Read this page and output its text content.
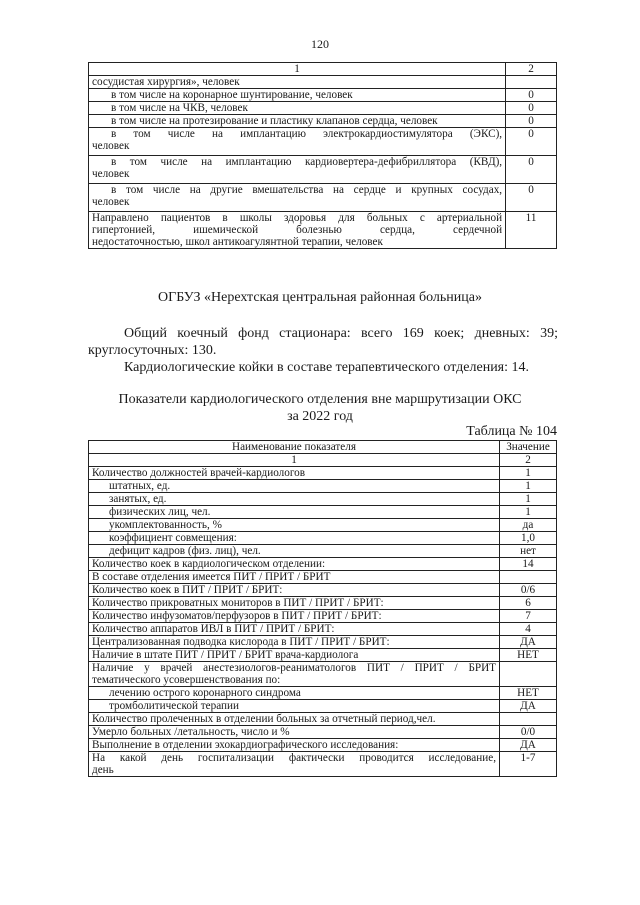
120
1	2
сосудистая хирургия», человек	
в том числе на коронарное шунтирование, человек	0
в том числе на ЧКВ, человек	0
в том числе на протезирование и пластику клапанов сердца, человек	0

в том числе на имплантацию электрокардиостимулятора (ЭКС),
человек	0

в том числе на имплантацию кардиовертера-дефибриллятора (КВД),
человек	0

в том числе на другие вмешательства на сердце и крупных сосудах,
человек	0

Направлено пациентов в школы здоровья для больных с артериальной
гипертонией, ишемической болезнью сердца, сердечной
недостаточностью, школ антикоагулянтной терапии, человек	11
ОГБУЗ «Нерехтская центральная районная больница»
Общий коечный фонд стационара: всего 169 коек; дневных: 39;
круглосуточных: 130.
Кардиологические койки в составе терапевтического отделения: 14.
Показатели кардиологического отделения вне маршрутизации ОКС
за 2022 год
Таблица № 104
Наименование показателя	Значение
1	2
Количество должностей врачей-кардиологов	1
штатных, ед.	1
занятых, ед.	1
физических лиц, чел.	1
укомплектованность, %	да
коэффициент совмещения:	1,0
дефицит кадров (физ. лиц), чел.	нет
Количество коек в кардиологическом отделении:	14
В составе отделения имеется ПИТ / ПРИТ / БРИТ	
Количество коек в ПИТ / ПРИТ / БРИТ:	0/6
Количество прикроватных мониторов в ПИТ / ПРИТ / БРИТ:	6
Количество инфузоматов/перфузоров в ПИТ / ПРИТ / БРИТ:	7
Количество аппаратов ИВЛ в ПИТ / ПРИТ / БРИТ:	4
Централизованная подводка кислорода в ПИТ / ПРИТ / БРИТ:	ДА
Наличие в штате ПИТ / ПРИТ / БРИТ врача-кардиолога	НЕТ

Наличие у врачей анестезиологов-реаниматологов ПИТ / ПРИТ / БРИТ
тематического усовершенствования по:	

лечению острого коронарного синдрома	НЕТ
тромболитической терапии	ДА
Количество пролеченных в отделении больных за отчетный период,чел.	
Умерло больных /летальность, число и %	0/0
Выполнение в отделении эхокардиографического исследования:	ДА

На какой день госпитализации фактически проводится исследование,
день	1-7
